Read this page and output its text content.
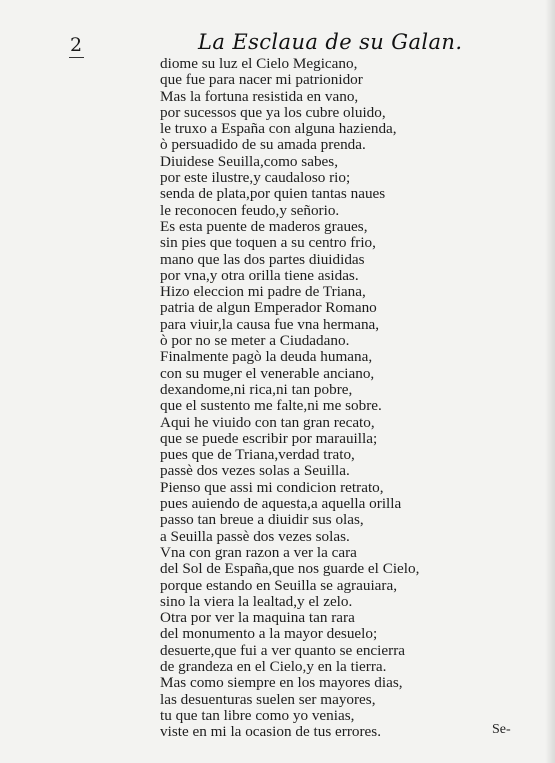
2	La Esclaua de su Galan.
diome su luz el Cielo Megicano,
que fue para nacer mi patrionidor
Mas la fortuna resistida en vano,
por sucessos que ya los cubre oluido,
le truxo a España con alguna hazienda,
ò persuadido de su amada prenda.
Diuidese Seuilla,como sabes,
por este ilustre,y caudaloso rio;
senda de plata,por quien tantas naues
le reconocen feudo,y señorio.
Es esta puente de maderos graues,
sin pies que toquen a su centro frio,
mano que las dos partes diuididas
por vna,y otra orilla tiene asidas.
Hizo eleccion mi padre de Triana,
patria de algun Emperador Romano
para viuir,la causa fue vna hermana,
ò por no se meter a Ciudadano.
Finalmente pagò la deuda humana,
con su muger el venerable anciano,
dexandome,ni rica,ni tan pobre,
que el sustento me falte,ni me sobre.
Aqui he viuido con tan gran recato,
que se puede escribir por marauilla;
pues que de Triana,verdad trato,
passè dos vezes solas a Seuilla.
Pienso que assi mi condicion retrato,
pues auiendo de aquesta,a aquella orilla
passo tan breue a diuidir sus olas,
a Seuilla passè dos vezes solas.
Vna con gran razon a ver la cara
del Sol de España,que nos guarde el Cielo,
porque estando en Seuilla se agrauiara,
sino la viera la lealtad,y el zelo.
Otra por ver la maquina tan rara
del monumento a la mayor desuelo;
desuerte,que fui a ver quanto se encierra
de grandeza en el Cielo,y en la tierra.
Mas como siempre en los mayores dias,
las desuenturas suelen ser mayores,
tu que tan libre como yo venias,
viste en mi la ocasion de tus errores.	Se-
